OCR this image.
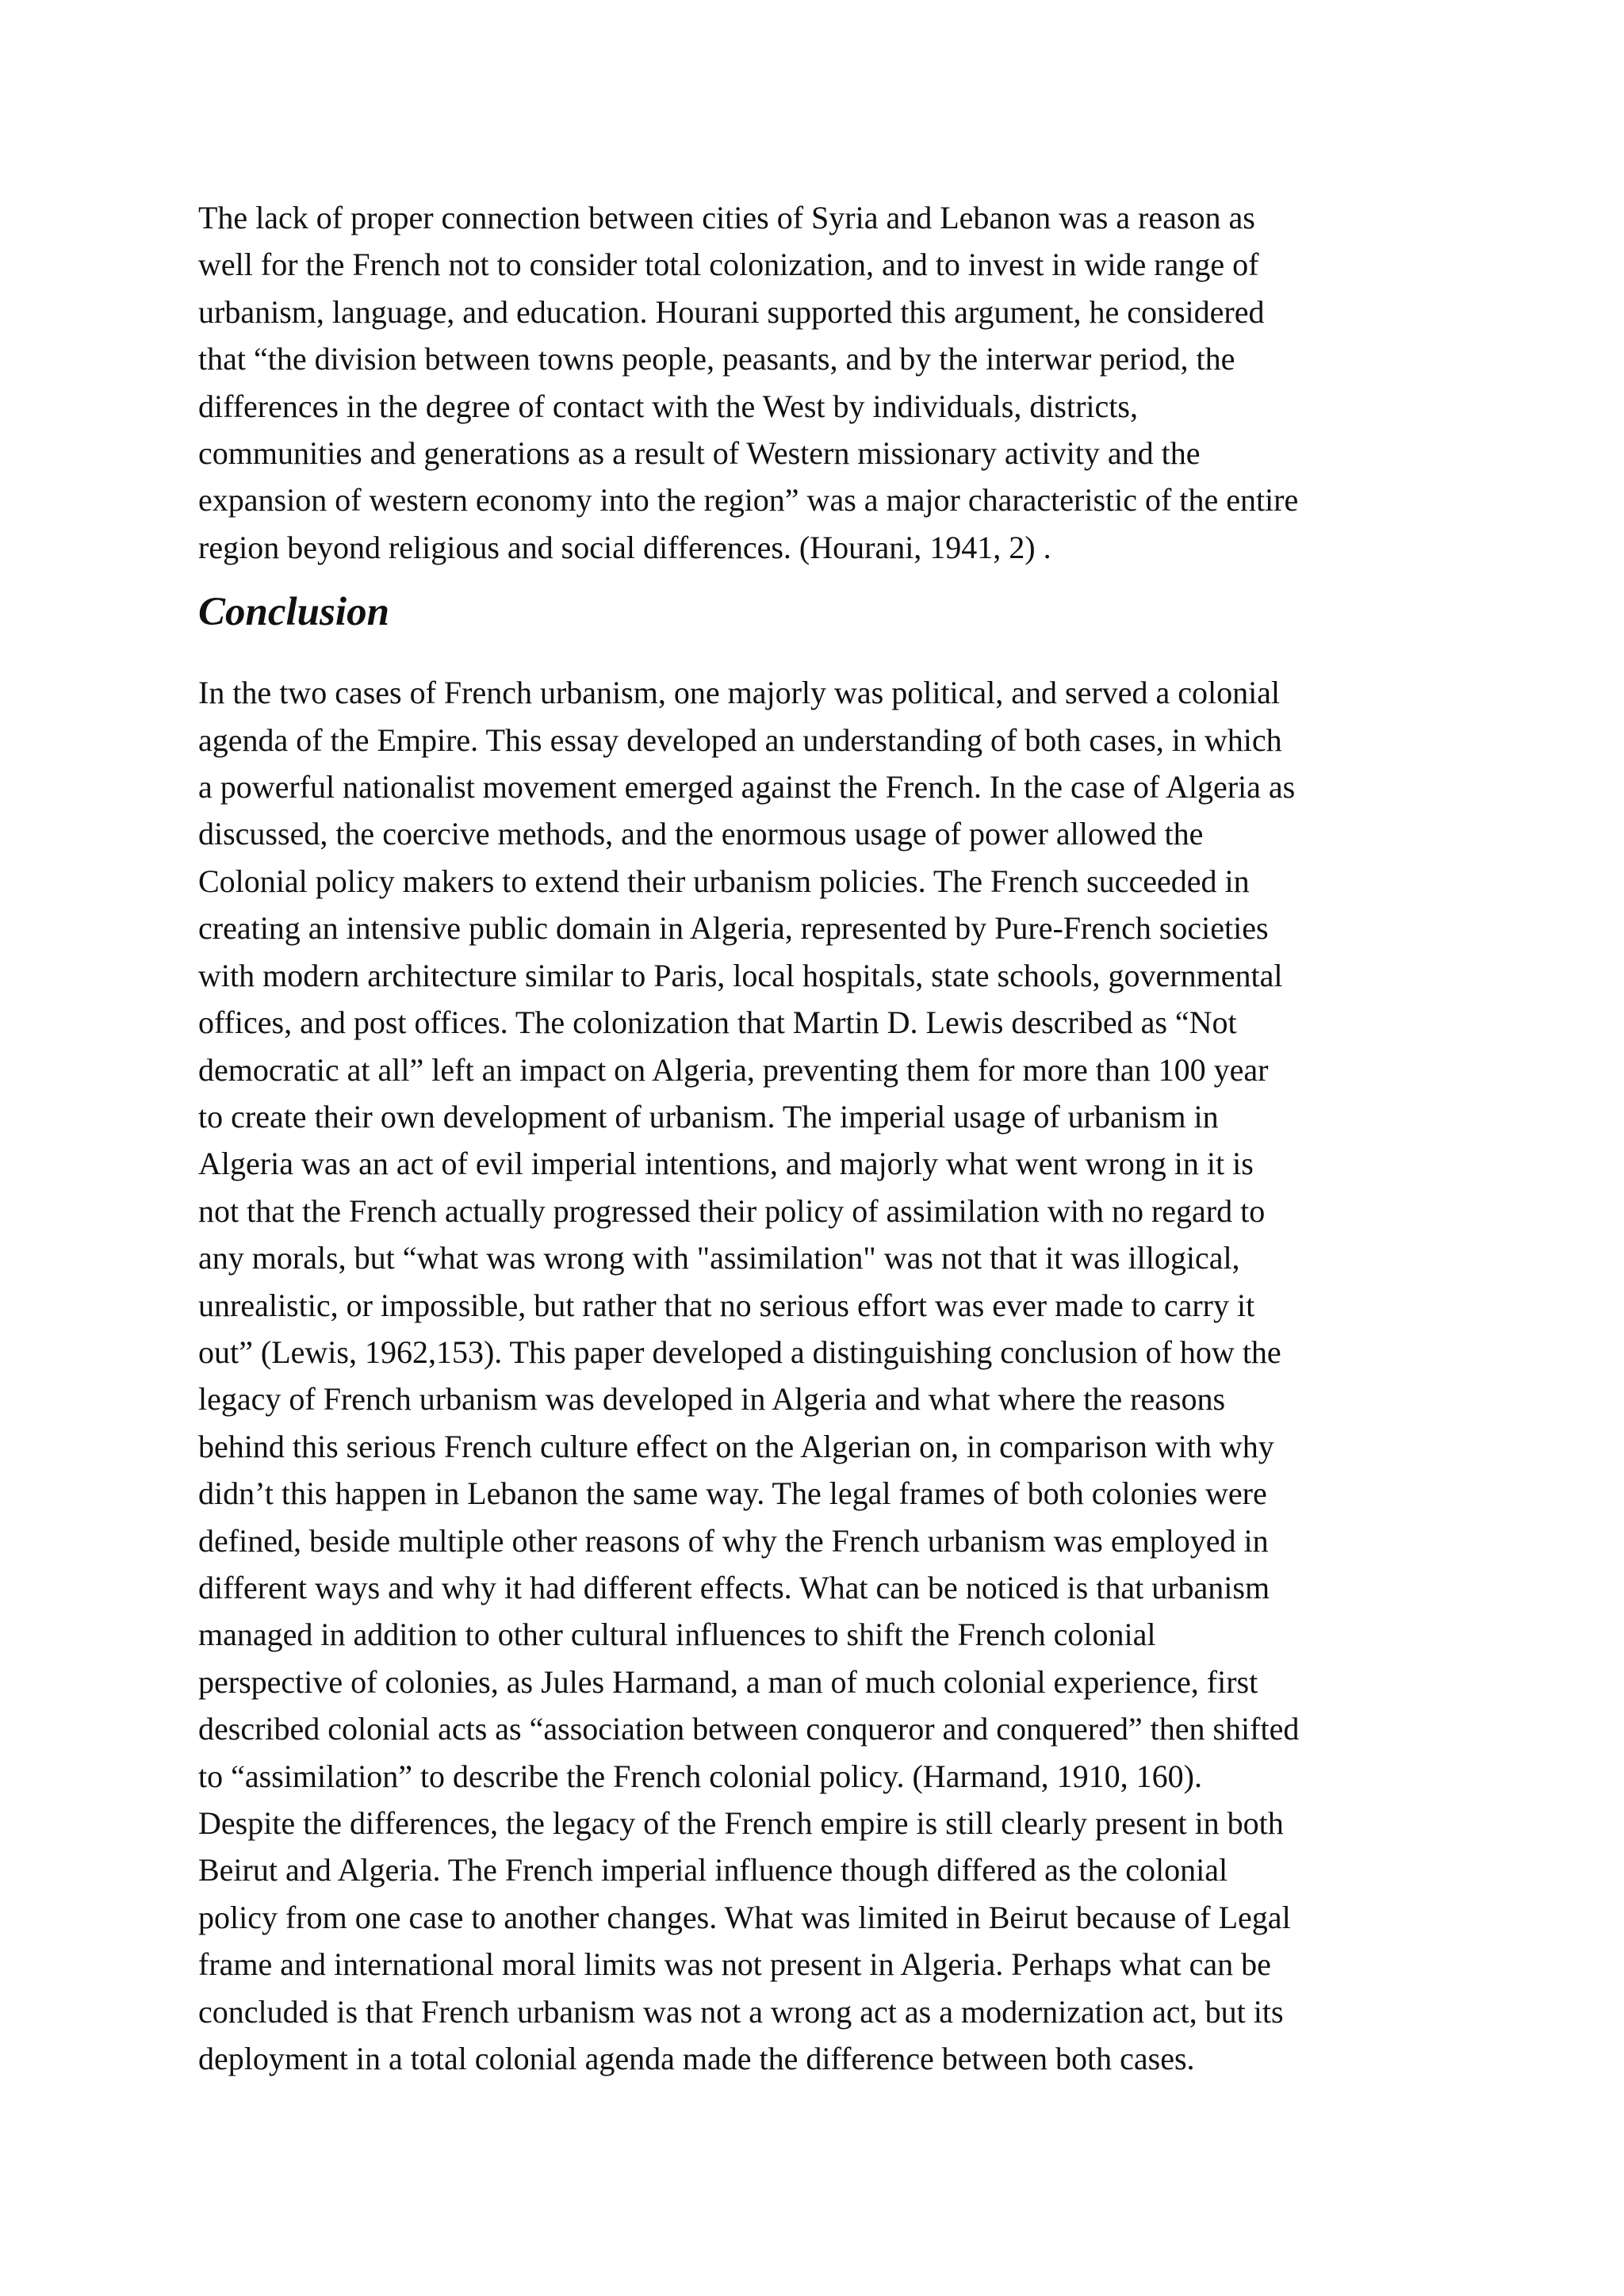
The lack of proper connection between cities of Syria and Lebanon was a reason as
well for the French not to consider total colonization, and to invest in wide range of
urbanism, language, and education. Hourani supported this argument, he considered
that “the division between towns people, peasants, and by the interwar period, the
differences in the degree of contact with the West by individuals, districts,
communities and generations as a result of Western missionary activity and the
expansion of western economy into the region” was a major characteristic of the entire
region beyond religious and social differences. (Hourani, 1941, 2) .

Conclusion

In the two cases of French urbanism, one majorly was political, and served a colonial
agenda of the Empire. This essay developed an understanding of both cases, in which
a powerful nationalist movement emerged against the French. In the case of Algeria as
discussed, the coercive methods, and the enormous usage of power allowed the
Colonial policy makers to extend their urbanism policies. The French succeeded in
creating an intensive public domain in Algeria, represented by Pure-French societies
with modern architecture similar to Paris, local hospitals, state schools, governmental
offices, and post offices. The colonization that Martin D. Lewis described as “Not
democratic at all” left an impact on Algeria, preventing them for more than 100 year
to create their own development of urbanism. The imperial usage of urbanism in
Algeria was an act of evil imperial intentions, and majorly what went wrong in it is
not that the French actually progressed their policy of assimilation with no regard to
any morals, but “what was wrong with "assimilation" was not that it was illogical,
unrealistic, or impossible, but rather that no serious effort was ever made to carry it
out” (Lewis, 1962,153). This paper developed a distinguishing conclusion of how the
legacy of French urbanism was developed in Algeria and what where the reasons
behind this serious French culture effect on the Algerian on, in comparison with why
didn’t this happen in Lebanon the same way. The legal frames of both colonies were
defined, beside multiple other reasons of why the French urbanism was employed in
different ways and why it had different effects. What can be noticed is that urbanism
managed in addition to other cultural influences to shift the French colonial
perspective of colonies, as Jules Harmand, a man of much colonial experience, first
described colonial acts as “association between conqueror and conquered” then shifted
to “assimilation” to describe the French colonial policy. (Harmand, 1910, 160).
Despite the differences, the legacy of the French empire is still clearly present in both
Beirut and Algeria. The French imperial influence though differed as the colonial
policy from one case to another changes. What was limited in Beirut because of Legal
frame and international moral limits was not present in Algeria. Perhaps what can be
concluded is that French urbanism was not a wrong act as a modernization act, but its
deployment in a total colonial agenda made the difference between both cases.
